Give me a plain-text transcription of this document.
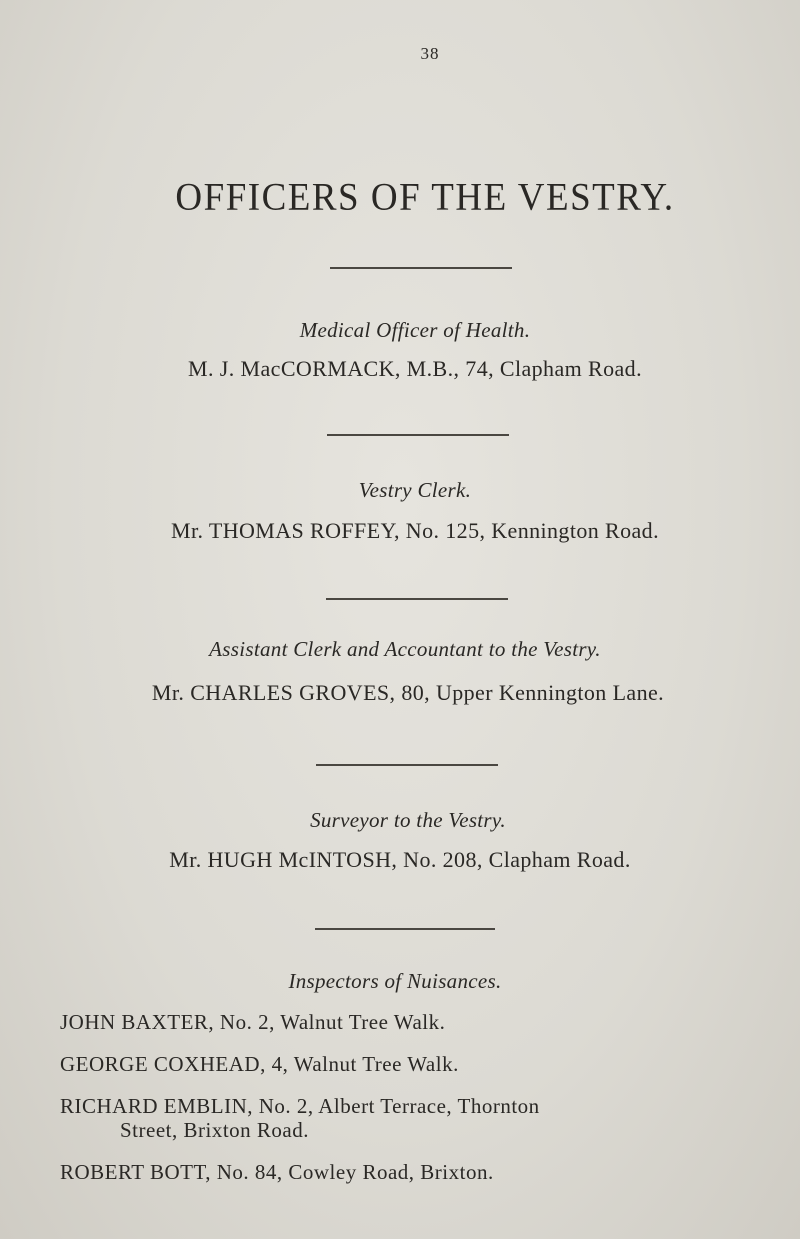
38
OFFICERS OF THE VESTRY.
Medical Officer of Health.
M. J. MacCORMACK, M.B., 74, Clapham Road.
Vestry Clerk.
Mr. THOMAS ROFFEY, No. 125, Kennington Road.
Assistant Clerk and Accountant to the Vestry.
Mr. CHARLES GROVES, 80, Upper Kennington Lane.
Surveyor to the Vestry.
Mr. HUGH McINTOSH, No. 208, Clapham Road.
Inspectors of Nuisances.
JOHN BAXTER, No. 2, Walnut Tree Walk.
GEORGE COXHEAD, 4, Walnut Tree Walk.
RICHARD EMBLIN, No. 2, Albert Terrace, Thornton
Street, Brixton Road.
ROBERT BOTT, No. 84, Cowley Road, Brixton.
